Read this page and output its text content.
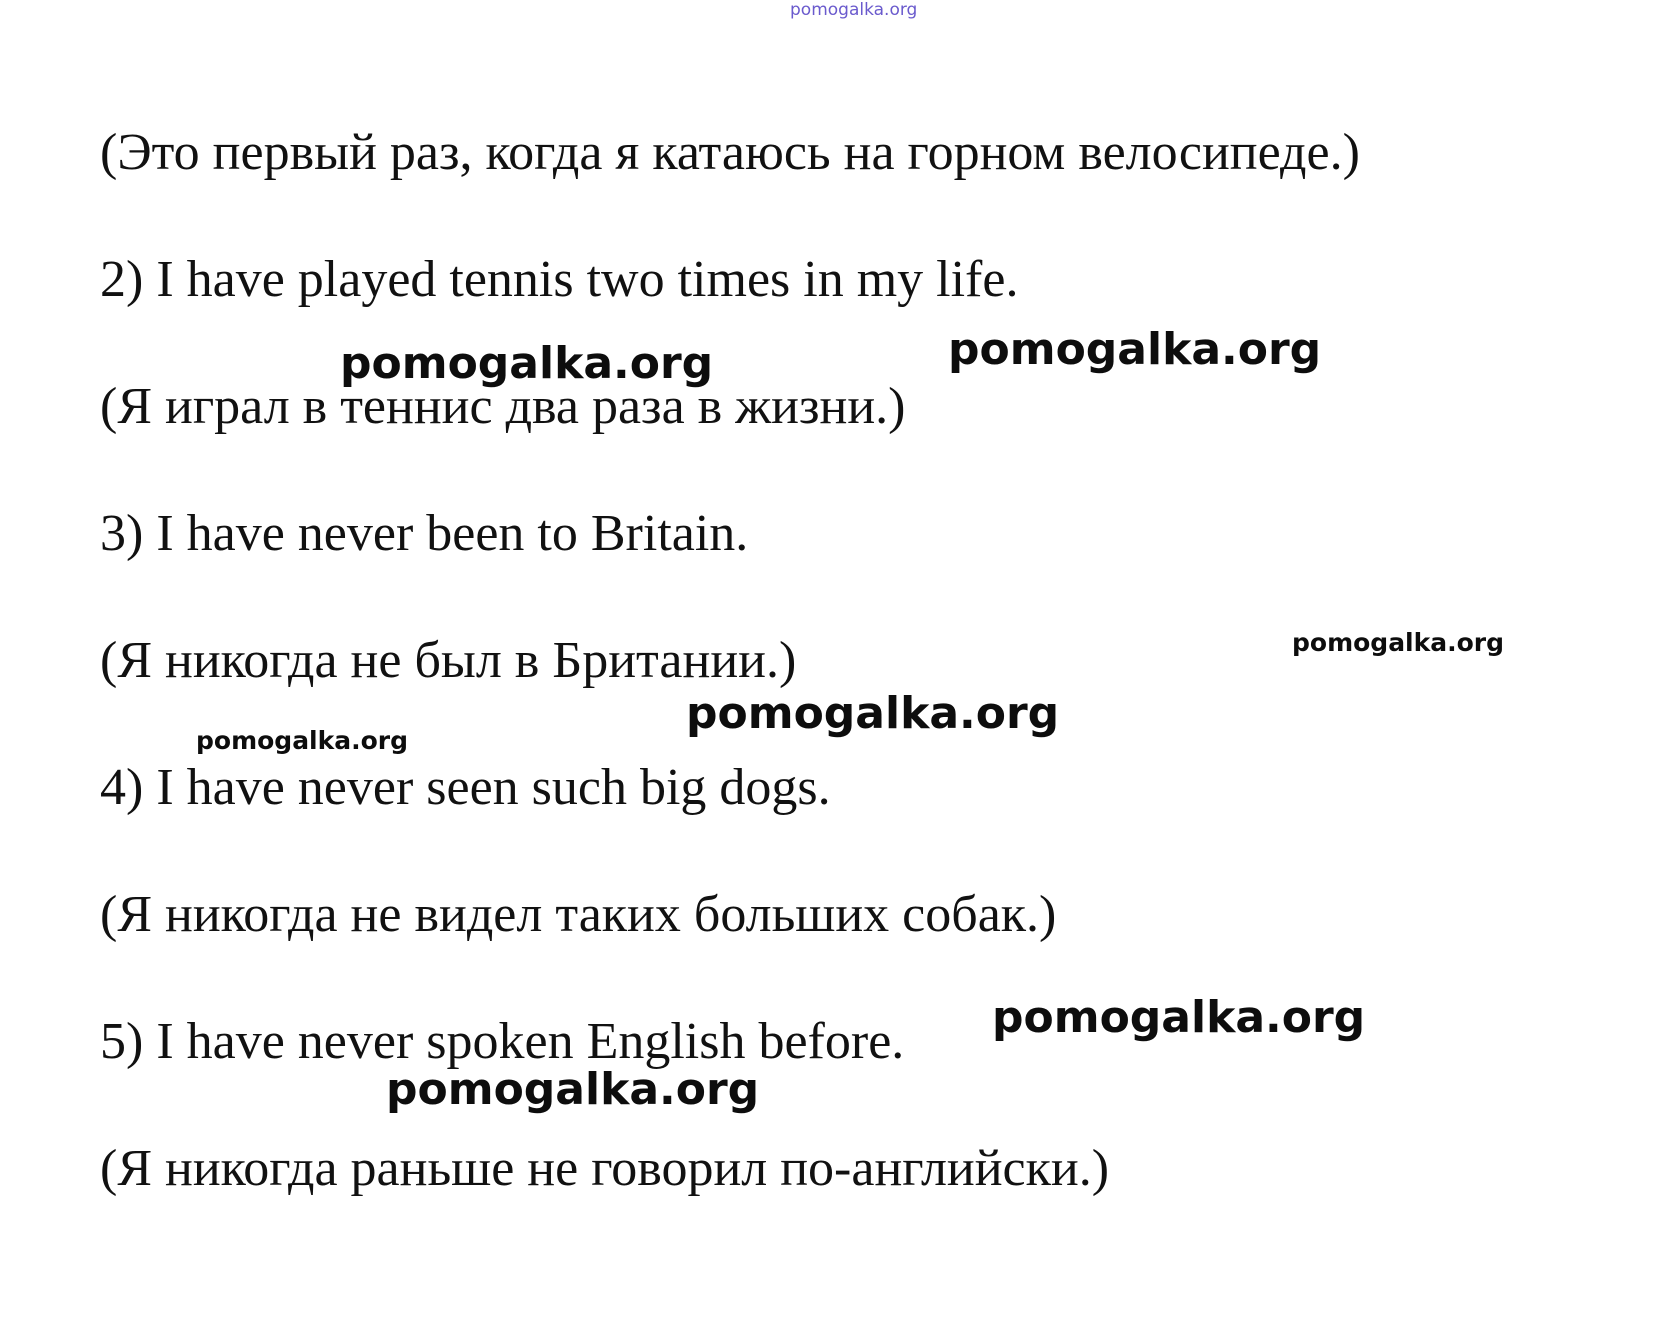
pomogalka.org

(Это первый раз, когда я катаюсь на горном велосипеде.)

2) I have played tennis two times in my life.

(Я играл в теннис два раза в жизни.)

3) I have never been to Britain.

(Я никогда не был в Британии.)

4) I have never seen such big dogs.

(Я никогда не видел таких больших собак.)

5) I have never spoken English before.

(Я никогда раньше не говорил по-английски.)

pomogalka.org	pomogalka.org
pomogalka.org
pomogalka.org
pomogalka.org
pomogalka.org
pomogalka.org
